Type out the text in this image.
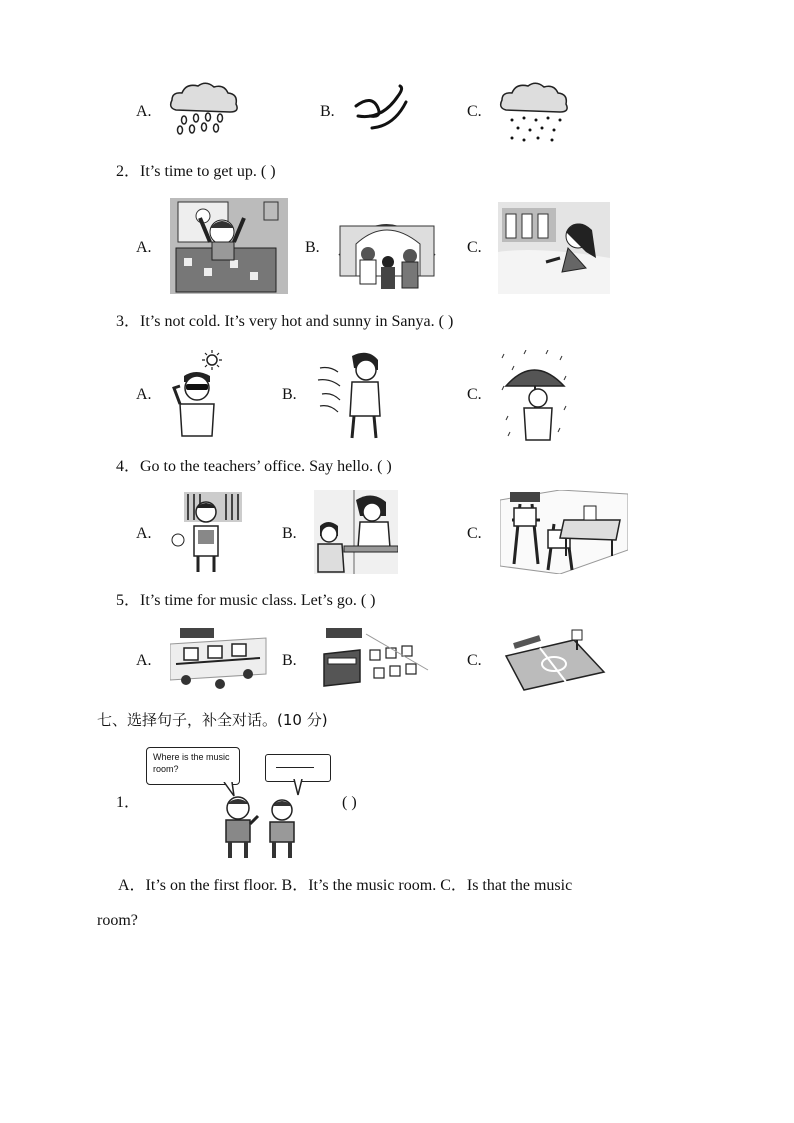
A.	B.	C.
2．It’s time to get up. ( )
A.	B.	C.
3．It’s not cold. It’s very hot and sunny in Sanya. ( )
A.	B.	C.
4．Go to the teachers’ office. Say hello. ( )
A.	B.	C.
5．It’s time for music class. Let’s go. ( )
A.	B.	C.
七、选择句子，补全对话。(10 分)
1．
Where is the music
room?
( )
A．It’s on the first floor. B．It’s the music room. C．Is that the music
room?
